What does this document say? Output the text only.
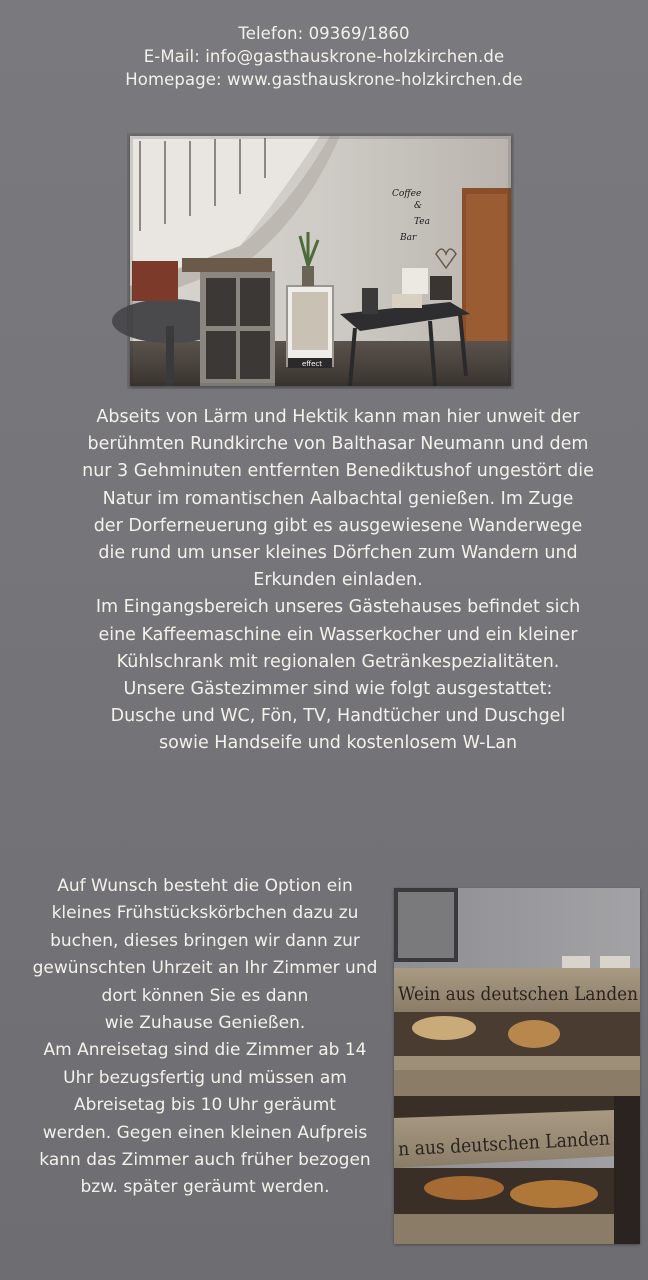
Telefon: 09369/1860
E-Mail: info@gasthauskrone-holzkirchen.de
Homepage: www.gasthauskrone-holzkirchen.de
effect
Coffee
&
Tea
Bar
Abseits von Lärm und Hektik kann man hier unweit der
berühmten Rundkirche von Balthasar Neumann und dem
nur 3 Gehminuten entfernten Benediktushof ungestört die
Natur im romantischen Aalbachtal genießen. Im Zuge
der Dorferneuerung gibt es ausgewiesene Wanderwege
die rund um unser kleines Dörfchen zum Wandern und
Erkunden einladen.
Im Eingangsbereich unseres Gästehauses befindet sich
eine Kaffeemaschine ein Wasserkocher und ein kleiner
Kühlschrank mit regionalen Getränkespezialitäten.
Unsere Gästezimmer sind wie folgt ausgestattet:
Dusche und WC, Fön, TV, Handtücher und Duschgel
sowie Handseife und kostenlosem W-Lan
Auf Wunsch besteht die Option ein
kleines Frühstückskörbchen dazu zu
buchen, dieses bringen wir dann zur
gewünschten Uhrzeit an Ihr Zimmer und
dort können Sie es dann
wie Zuhause Genießen.
Am Anreisetag sind die Zimmer ab 14
Uhr bezugsfertig und müssen am
Abreisetag bis 10 Uhr geräumt
werden. Gegen einen kleinen Aufpreis
kann das Zimmer auch früher bezogen
bzw. später geräumt werden.
Wein aus deutschen Landen
n aus deutschen Landen
